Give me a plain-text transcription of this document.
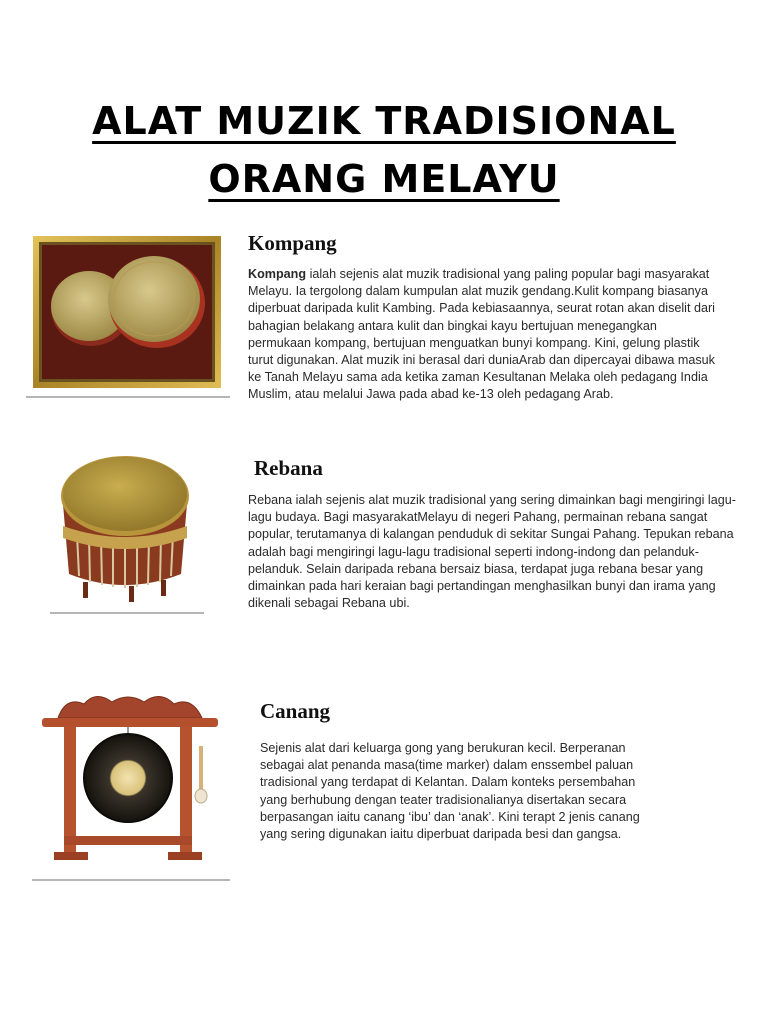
ALAT MUZIK TRADISIONAL
ORANG MELAYU
Kompang

Kompang ialah sejenis alat muzik tradisional yang paling popular bagi masyarakat Melayu. Ia tergolong dalam kumpulan alat muzik gendang.Kulit kompang biasanya diperbuat daripada kulit Kambing. Pada kebiasaannya, seurat rotan akan diselit dari bahagian belakang antara kulit dan bingkai kayu bertujuan menegangkan permukaan kompang, bertujuan menguatkan bunyi kompang. Kini, gelung plastik turut digunakan. Alat muzik ini berasal dari duniaArab dan dipercayai dibawa masuk ke Tanah Melayu sama ada ketika zaman Kesultanan Melaka oleh pedagang India Muslim, atau melalui Jawa pada abad ke-13 oleh pedagang Arab.

Rebana

Rebana ialah sejenis alat muzik tradisional yang sering dimainkan bagi mengiringi lagu-lagu budaya. Bagi masyarakatMelayu di negeri Pahang, permainan rebana sangat popular, terutamanya di kalangan penduduk di sekitar Sungai Pahang. Tepukan rebana adalah bagi mengiringi lagu-lagu tradisional seperti indong-indong dan pelanduk-pelanduk. Selain daripada rebana bersaiz biasa, terdapat juga rebana besar yang dimainkan pada hari keraian bagi pertandingan menghasilkan bunyi dan irama yang dikenali sebagai Rebana ubi.

Canang

Sejenis alat dari keluarga gong yang berukuran kecil. Berperanan sebagai alat penanda masa(time marker) dalam enssembel paluan tradisional yang terdapat di Kelantan. Dalam konteks persembahan yang berhubung dengan teater tradisionalianya disertakan secara berpasangan iaitu canang ‘ibu’ dan ‘anak’. Kini terapt 2 jenis canang yang sering digunakan iaitu diperbuat daripada besi dan gangsa.
